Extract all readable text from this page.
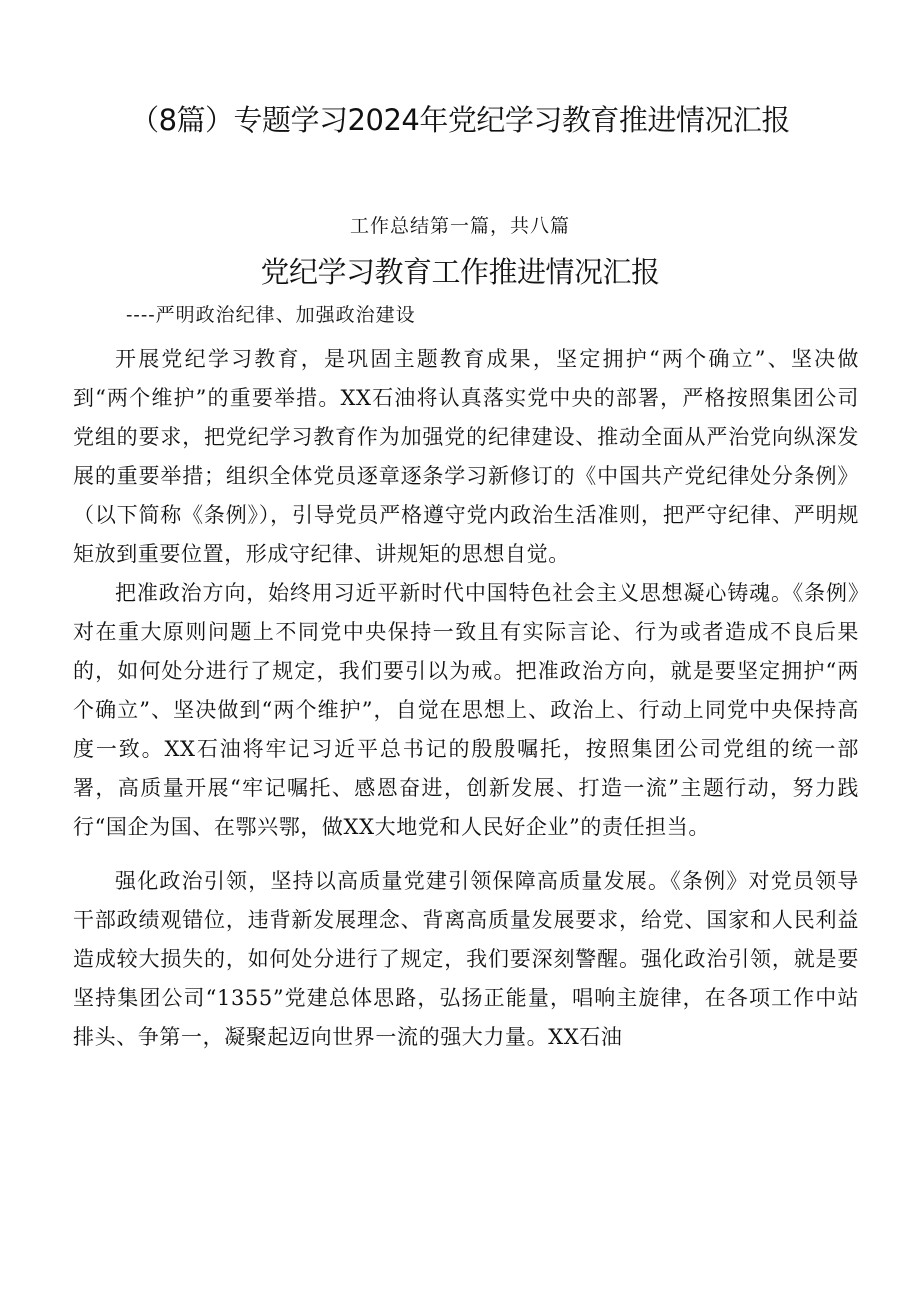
（8篇）专题学习2024年党纪学习教育推进情况汇报
工作总结第一篇，共八篇
党纪学习教育工作推进情况汇报
----严明政治纪律、加强政治建设

开展党纪学习教育，是巩固主题教育成果，坚定拥护“两个确立”、坚决做到“两个维护”的重要举措。XX石油将认真落实党中央的部署，严格按照集团公司党组的要求，把党纪学习教育作为加强党的纪律建设、推动全面从严治党向纵深发展的重要举措；组织全体党员逐章逐条学习新修订的《中国共产党纪律处分条例》（以下简称《条例》），引导党员严格遵守党内政治生活准则，把严守纪律、严明规矩放到重要位置，形成守纪律、讲规矩的思想自觉。

把准政治方向，始终用习近平新时代中国特色社会主义思想凝心铸魂。《条例》对在重大原则问题上不同党中央保持一致且有实际言论、行为或者造成不良后果的，如何处分进行了规定，我们要引以为戒。把准政治方向，就是要坚定拥护“两个确立”、坚决做到“两个维护”，自觉在思想上、政治上、行动上同党中央保持高度一致。XX石油将牢记习近平总书记的殷殷嘱托，按照集团公司党组的统一部署，高质量开展“牢记嘱托、感恩奋进，创新发展、打造一流”主题行动，努力践行“国企为国、在鄂兴鄂，做XX大地党和人民好企业”的责任担当。

强化政治引领，坚持以高质量党建引领保障高质量发展。《条例》对党员领导干部政绩观错位，违背新发展理念、背离高质量发展要求，给党、国家和人民利益造成较大损失的，如何处分进行了规定，我们要深刻警醒。强化政治引领，就是要坚持集团公司“1355”党建总体思路，弘扬正能量，唱响主旋律，在各项工作中站排头、争第一，凝聚起迈向世界一流的强大力量。XX石油
